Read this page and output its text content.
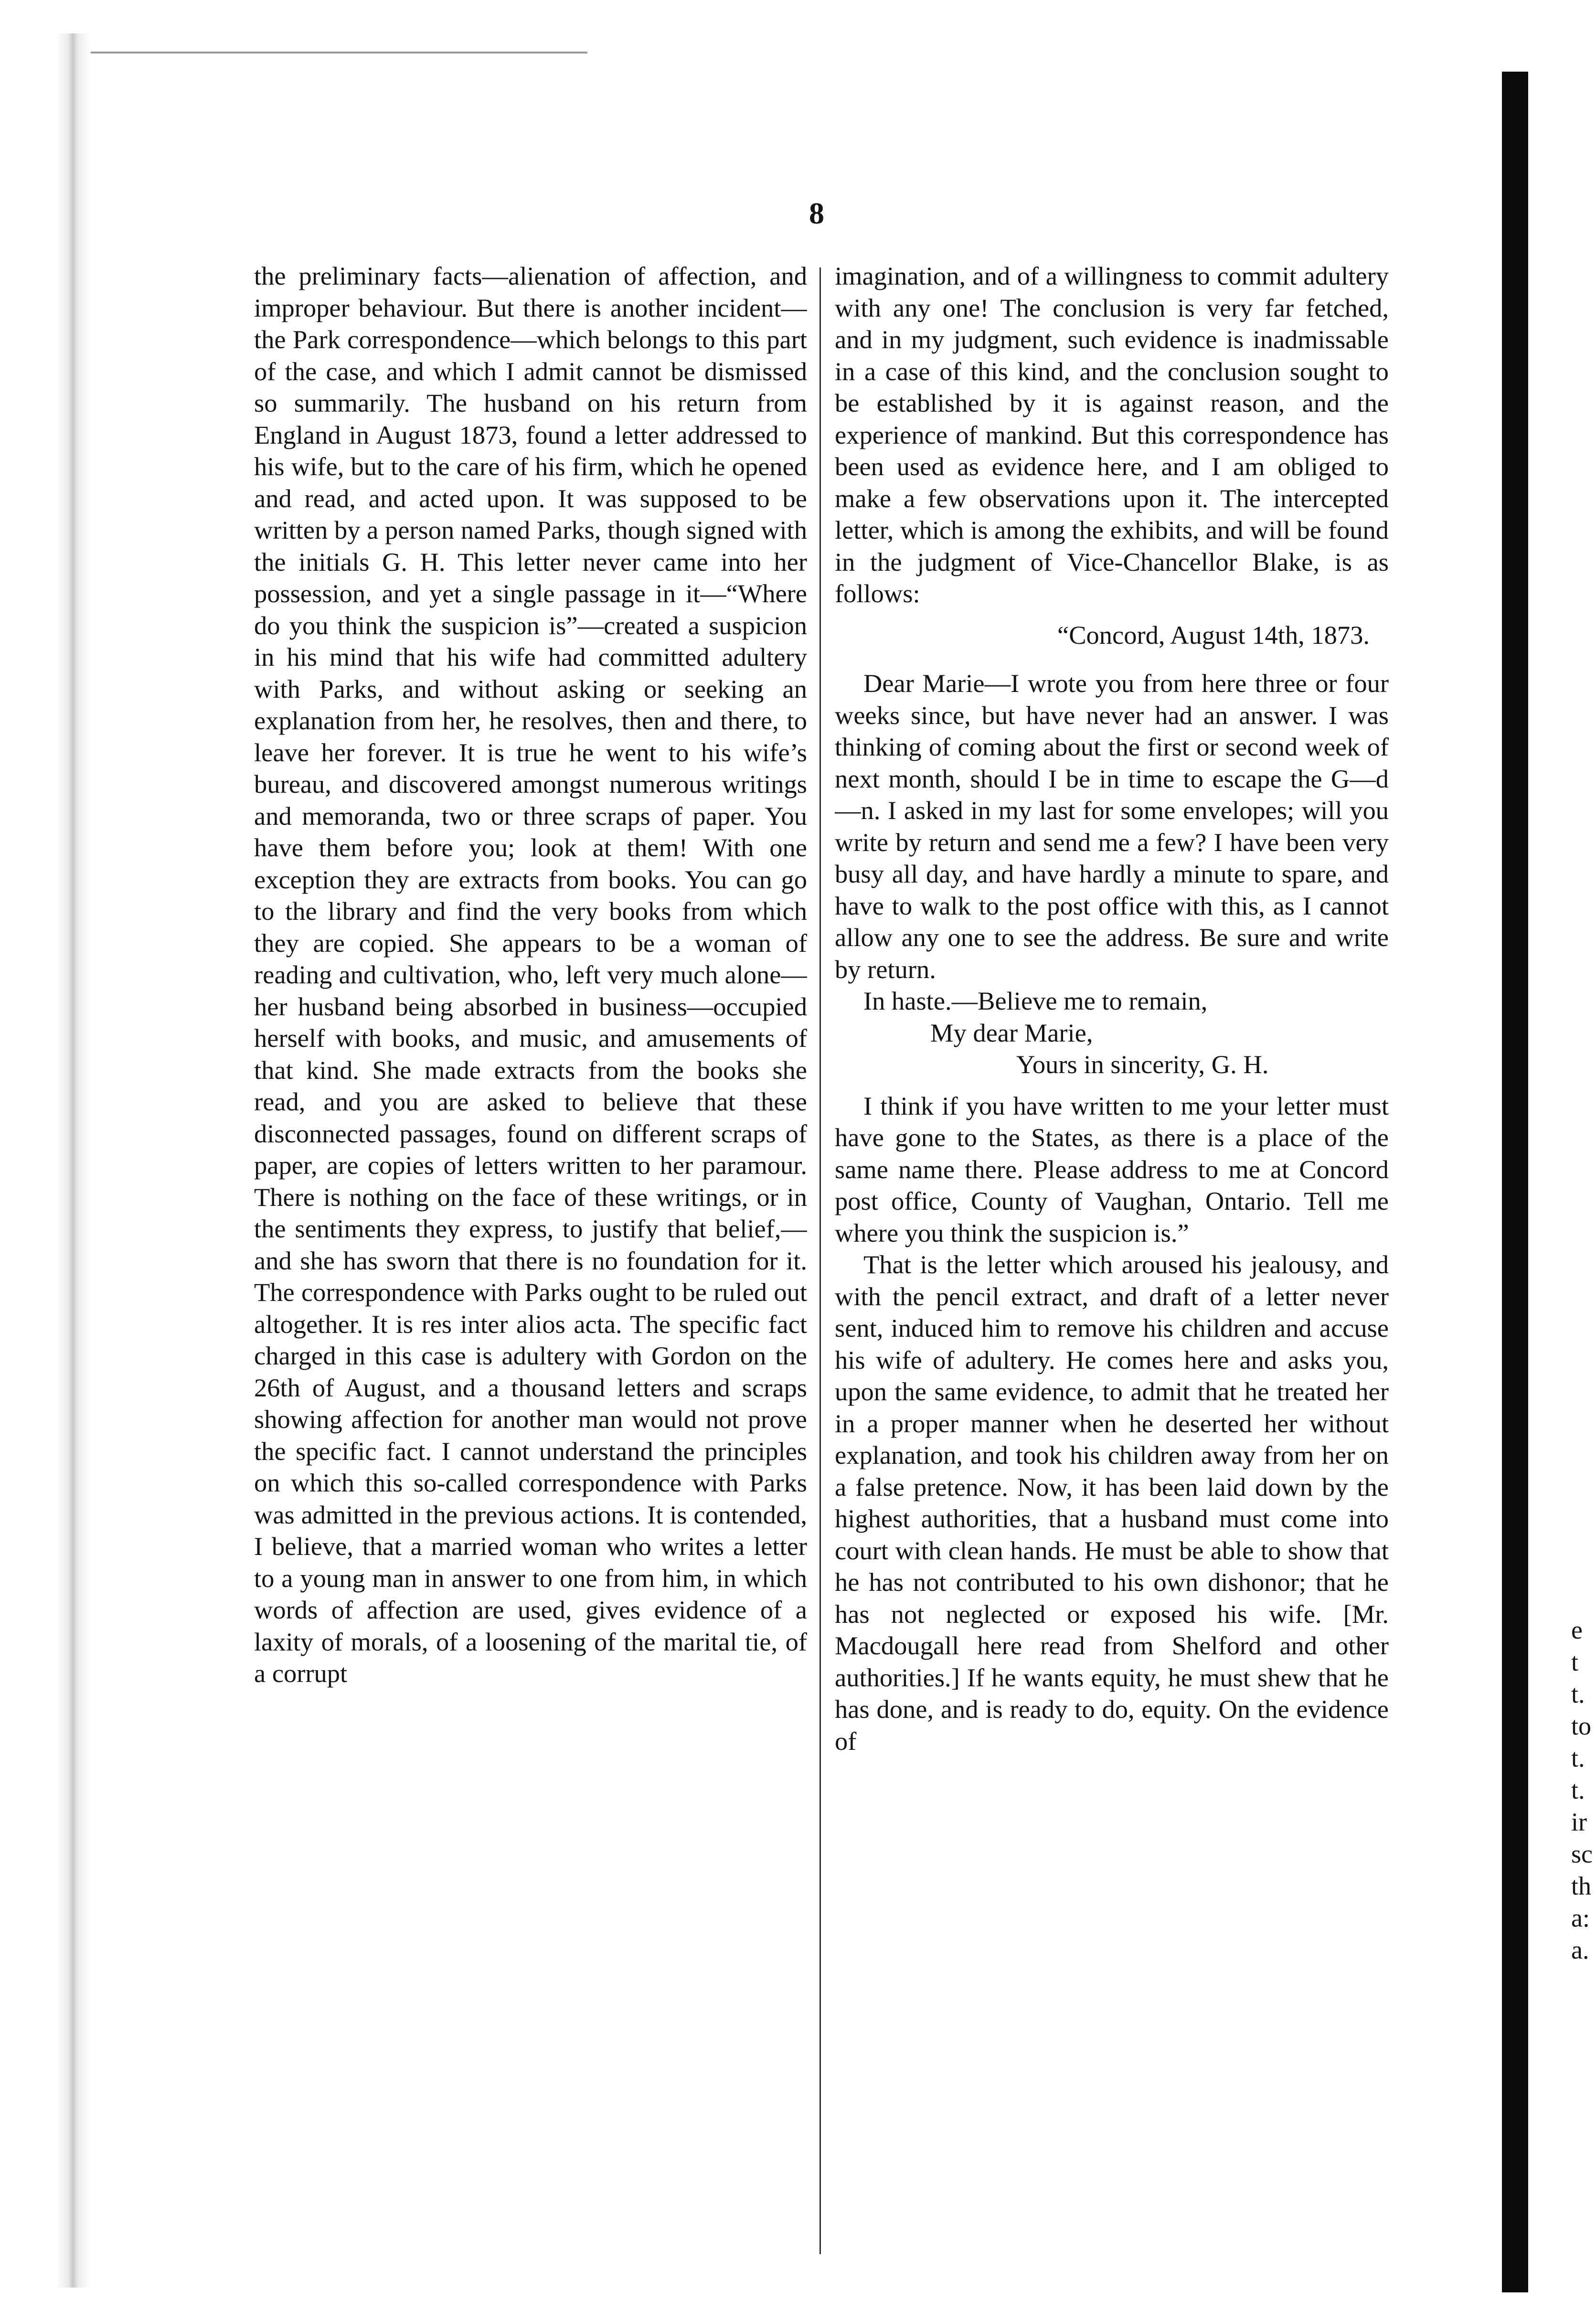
8

the preliminary facts—alienation of affection, and improper behaviour. But there is another incident—the Park correspondence—which belongs to this part of the case, and which I admit cannot be dismissed so summarily. The husband on his return from England in August 1873, found a letter addressed to his wife, but to the care of his firm, which he opened and read, and acted upon. It was supposed to be written by a person named Parks, though signed with the initials G. H. This letter never came into her possession, and yet a single passage in it—“Where do you think the suspicion is”—created a suspicion in his mind that his wife had committed adultery with Parks, and without asking or seeking an explanation from her, he resolves, then and there, to leave her forever. It is true he went to his wife’s bureau, and discovered amongst numerous writings and memoranda, two or three scraps of paper. You have them before you; look at them! With one exception they are extracts from books. You can go to the library and find the very books from which they are copied. She appears to be a woman of reading and cultivation, who, left very much alone—her husband being absorbed in business—occupied herself with books, and music, and amusements of that kind. She made extracts from the books she read, and you are asked to believe that these disconnected passages, found on different scraps of paper, are copies of letters written to her paramour. There is nothing on the face of these writings, or in the sentiments they express, to justify that belief,—and she has sworn that there is no foundation for it. The correspondence with Parks ought to be ruled out altogether. It is res inter alios acta. The specific fact charged in this case is adultery with Gordon on the 26th of August, and a thousand letters and scraps showing affection for another man would not prove the specific fact. I cannot understand the principles on which this so-called correspondence with Parks was admitted in the previous actions. It is contended, I believe, that a married woman who writes a letter to a young man in answer to one from him, in which words of affection are used, gives evidence of a laxity of morals, of a loosening of the marital tie, of a corrupt

imagination, and of a willingness to commit adultery with any one! The conclusion is very far fetched, and in my judgment, such evidence is inadmissable in a case of this kind, and the conclusion sought to be established by it is against reason, and the experience of mankind. But this correspondence has been used as evidence here, and I am obliged to make a few observations upon it. The intercepted letter, which is among the exhibits, and will be found in the judgment of Vice-Chancellor Blake, is as follows:

“Concord, August 14th, 1873.

Dear Marie—I wrote you from here three or four weeks since, but have never had an answer. I was thinking of coming about the first or second week of next month, should I be in time to escape the G—d—n. I asked in my last for some envelopes; will you write by return and send me a few? I have been very busy all day, and have hardly a minute to spare, and have to walk to the post office with this, as I cannot allow any one to see the address. Be sure and write by return.

In haste.—Believe me to remain,

My dear Marie,

Yours in sincerity, G. H.

I think if you have written to me your letter must have gone to the States, as there is a place of the same name there. Please address to me at Concord post office, County of Vaughan, Ontario. Tell me where you think the suspicion is.”

That is the letter which aroused his jealousy, and with the pencil extract, and draft of a letter never sent, induced him to remove his children and accuse his wife of adultery. He comes here and asks you, upon the same evidence, to admit that he treated her in a proper manner when he deserted her without explanation, and took his children away from her on a false pretence. Now, it has been laid down by the highest authorities, that a husband must come into court with clean hands. He must be able to show that he has not contributed to his own dishonor; that he has not neglected or exposed his wife. [Mr. Macdougall here read from Shelford and other authorities.] If he wants equity, he must shew that he has done, and is ready to do, equity. On the evidence of

e
t
t.
to
t.
t.
ir
sc
th
a:
a.
